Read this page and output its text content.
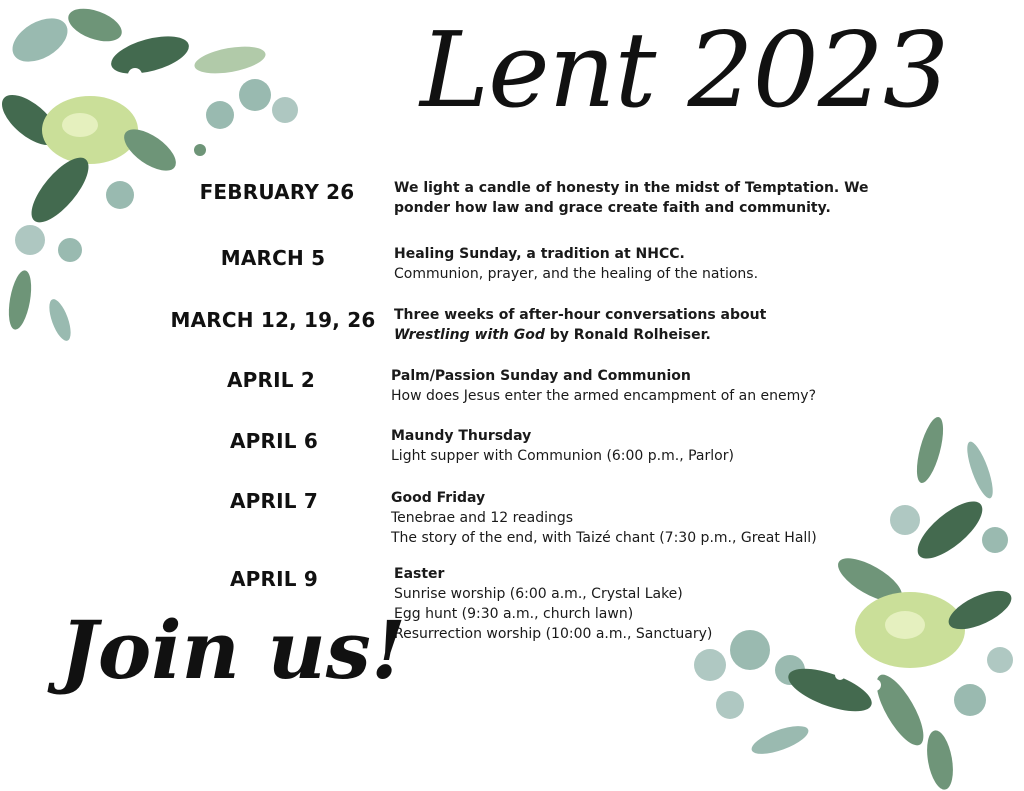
Lent 2023
FEBRUARY 26
MARCH 5
MARCH 12, 19, 26
APRIL 2
APRIL 6
APRIL 7
APRIL 9
We light a candle of honesty in the midst of Temptation. We
ponder how law and grace create faith and community.
Healing Sunday, a tradition at NHCC.
Communion, prayer, and the healing of the nations.
Three weeks of after-hour conversations about
Wrestling with God by Ronald Rolheiser.
Palm/Passion Sunday and Communion
How does Jesus enter the armed encampment of an enemy?
Maundy Thursday
Light supper with Communion (6:00 p.m., Parlor)
Good Friday
Tenebrae and 12 readings
The story of the end, with Taizé chant (7:30 p.m., Great Hall)
Easter
Sunrise worship (6:00 a.m., Crystal Lake)
Egg hunt (9:30 a.m., church lawn)
Resurrection worship (10:00 a.m., Sanctuary)
Join us!
